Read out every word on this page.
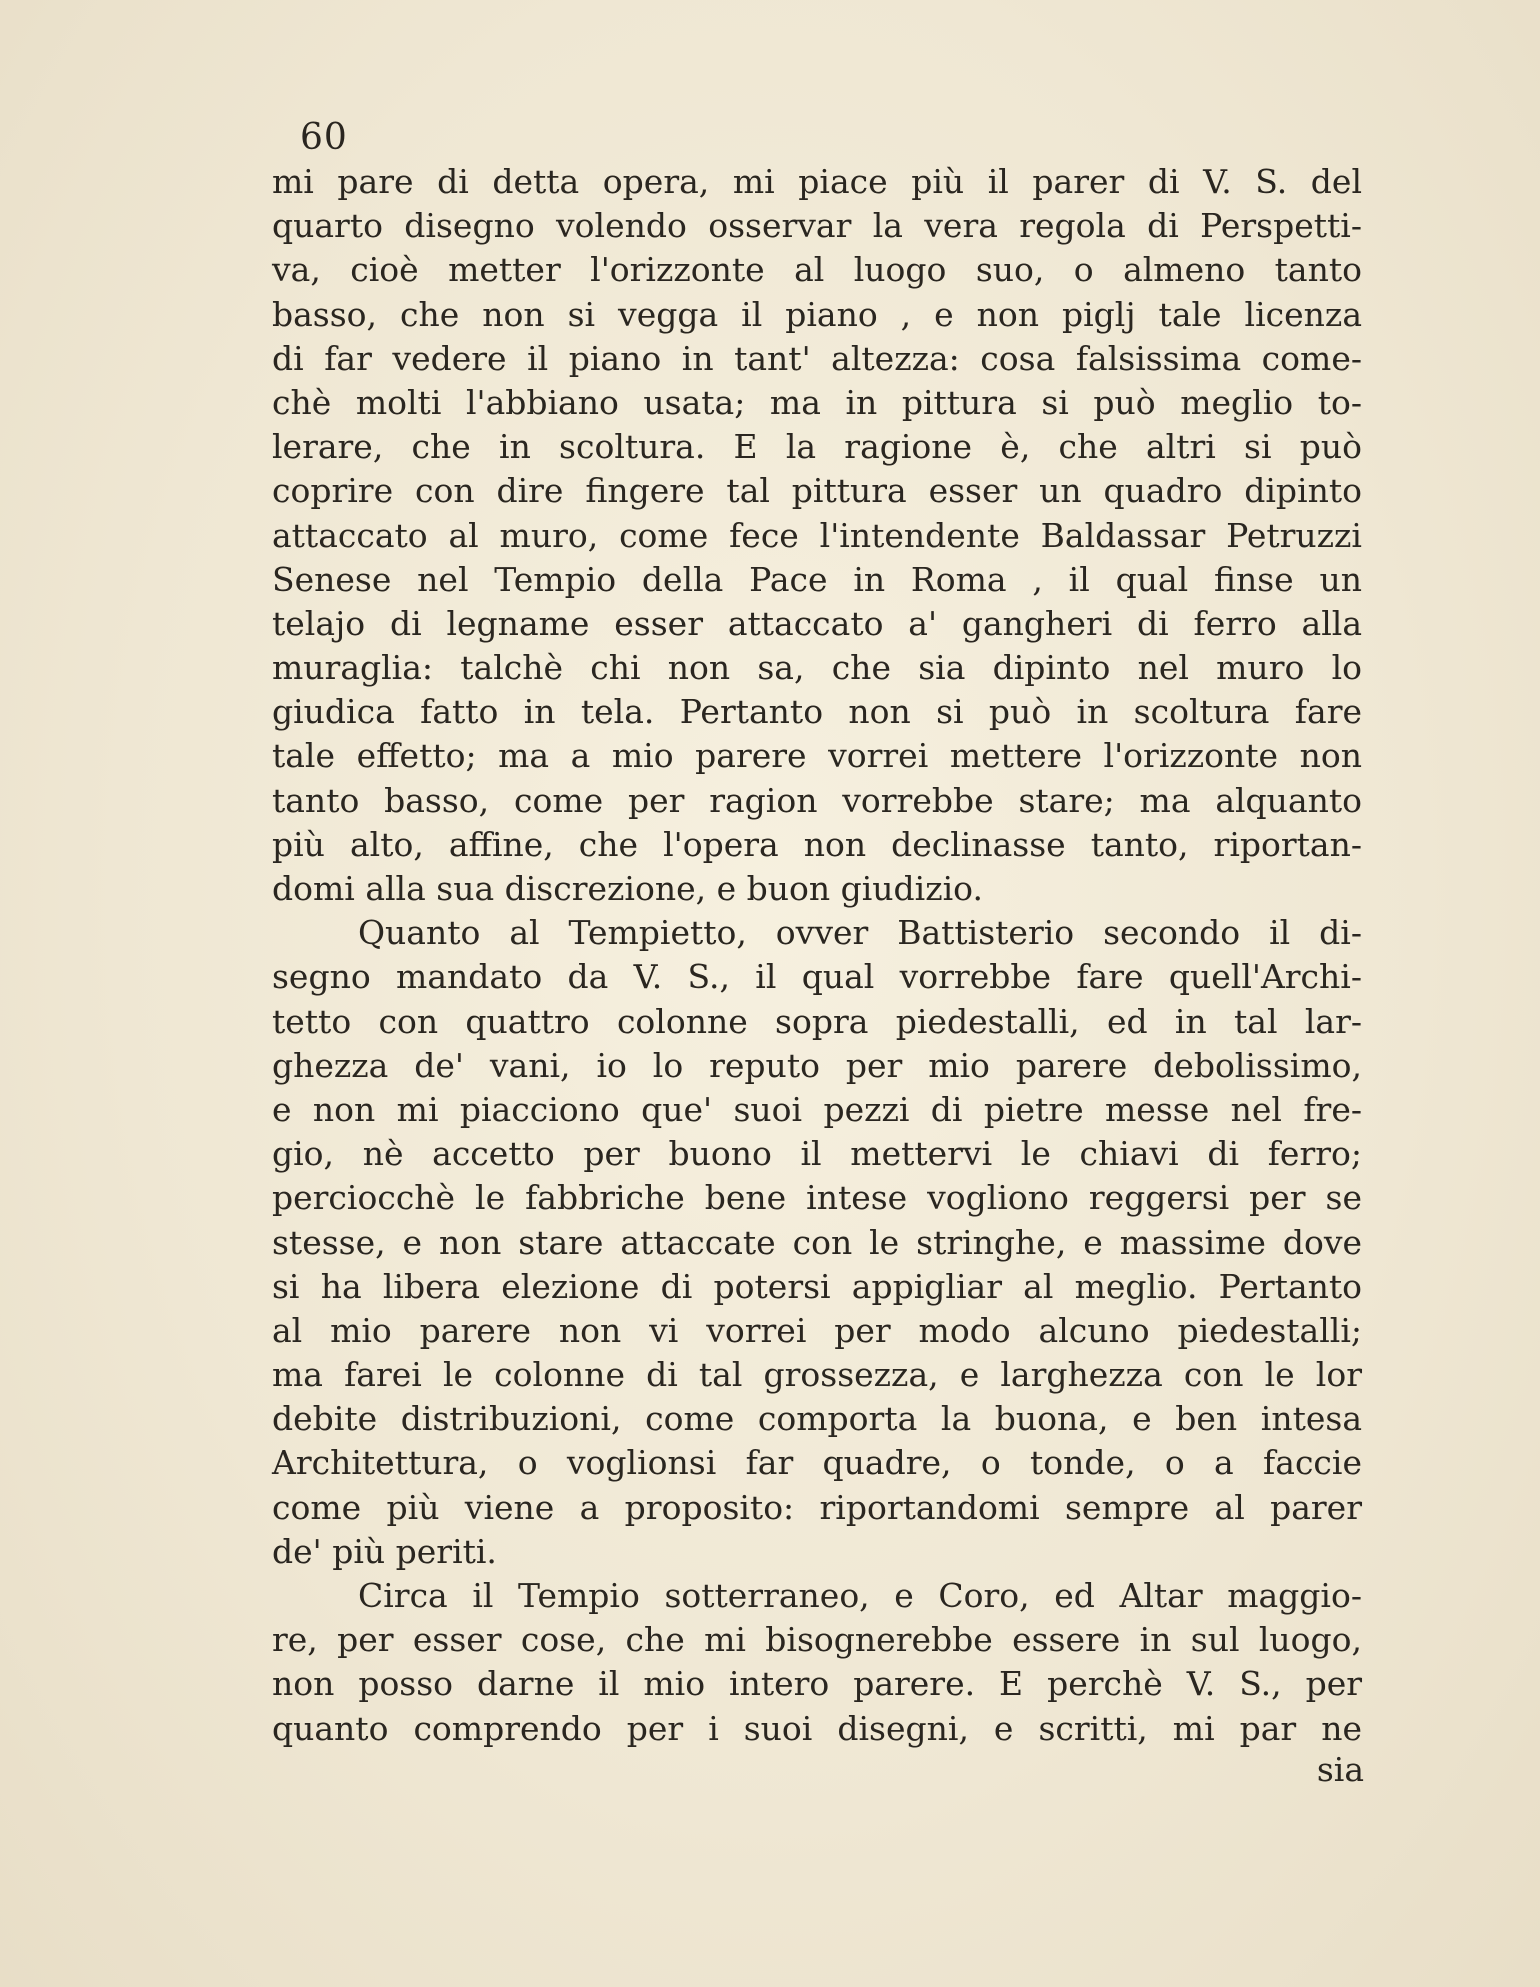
60
mi pare di detta opera, mi piace più il parer di V. S. del
quarto disegno volendo osservar la vera regola di Perspetti-
va, cioè metter l'orizzonte al luogo suo, o almeno tanto
basso, che non si vegga il piano , e non piglj tale licenza
di far vedere il piano in tant' altezza: cosa falsissima come-
chè molti l'abbiano usata; ma in pittura si può meglio to-
lerare, che in scoltura. E la ragione è, che altri si può
coprire con dire fingere tal pittura esser un quadro dipinto
attaccato al muro, come fece l'intendente Baldassar Petruzzi
Senese nel Tempio della Pace in Roma , il qual finse un
telajo di legname esser attaccato a' gangheri di ferro alla
muraglia: talchè chi non sa, che sia dipinto nel muro lo
giudica fatto in tela. Pertanto non si può in scoltura fare
tale effetto; ma a mio parere vorrei mettere l'orizzonte non
tanto basso, come per ragion vorrebbe stare; ma alquanto
più alto, affine, che l'opera non declinasse tanto, riportan-
domi alla sua discrezione, e buon giudizio.
Quanto al Tempietto, ovver Battisterio secondo il di-
segno mandato da V. S., il qual vorrebbe fare quell'Archi-
tetto con quattro colonne sopra piedestalli, ed in tal lar-
ghezza de' vani, io lo reputo per mio parere debolissimo,
e non mi piacciono que' suoi pezzi di pietre messe nel fre-
gio, nè accetto per buono il mettervi le chiavi di ferro;
perciocchè le fabbriche bene intese vogliono reggersi per se
stesse, e non stare attaccate con le stringhe, e massime dove
si ha libera elezione di potersi appigliar al meglio. Pertanto
al mio parere non vi vorrei per modo alcuno piedestalli;
ma farei le colonne di tal grossezza, e larghezza con le lor
debite distribuzioni, come comporta la buona, e ben intesa
Architettura, o voglionsi far quadre, o tonde, o a faccie
come più viene a proposito: riportandomi sempre al parer
de' più periti.
Circa il Tempio sotterraneo, e Coro, ed Altar maggio-
re, per esser cose, che mi bisognerebbe essere in sul luogo,
non posso darne il mio intero parere. E perchè V. S., per
quanto comprendo per i suoi disegni, e scritti, mi par ne
sia
